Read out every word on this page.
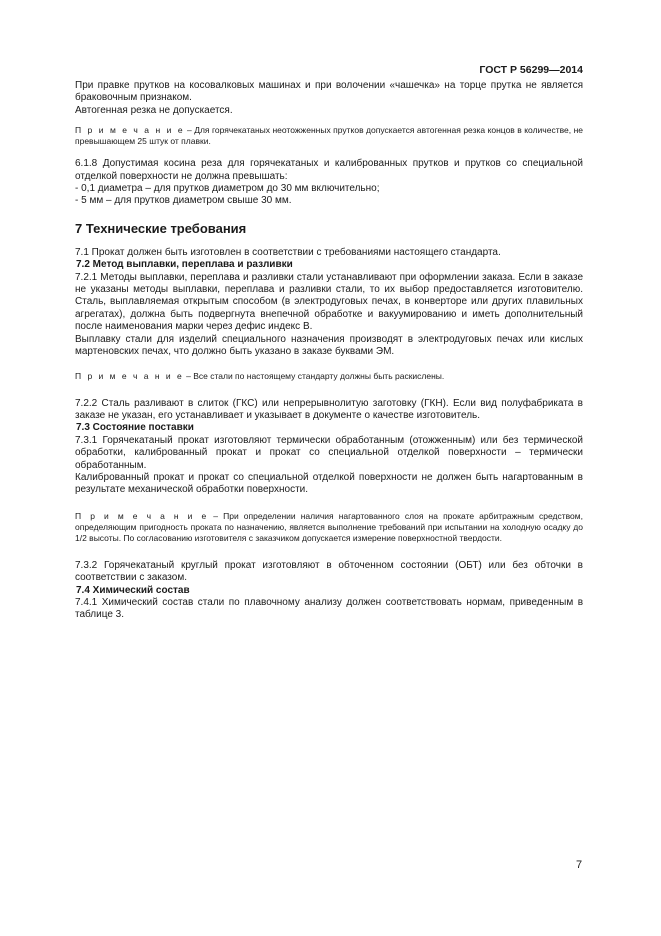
ГОСТ Р 56299—2014

При правке прутков на косовалковых машинах и при волочении «чашечка» на торце прутка не является браковочным признаком.

Автогенная резка не допускается.

П р и м е ч а н и е – Для горячекатаных неотожженных прутков допускается автогенная резка концов в количестве, не превышающем 25 штук от плавки.

6.1.8 Допустимая косина реза для горячекатаных и калиброванных прутков и прутков со специальной отделкой поверхности не должна превышать:

- 0,1 диаметра – для прутков диаметром до 30 мм включительно;

- 5 мм – для прутков диаметром свыше 30 мм.

7 Технические требования

7.1 Прокат должен быть изготовлен в соответствии с требованиями настоящего стандарта.

7.2 Метод выплавки, переплава и разливки

7.2.1 Методы выплавки, переплава и разливки стали устанавливают при оформлении заказа. Если в заказе не указаны методы выплавки, переплава и разливки стали, то их выбор предоставляется изготовителю. Сталь, выплавляемая открытым способом (в электродуговых печах, в конверторе или других плавильных агрегатах), должна быть подвергнута внепечной обработке и вакуумированию и иметь дополнительный после наименования марки через дефис индекс В.

Выплавку стали для изделий специального назначения производят в электродуговых печах или кислых мартеновских печах, что должно быть указано в заказе буквами ЭМ.

П р и м е ч а н и е – Все стали по настоящему стандарту должны быть раскислены.

7.2.2 Сталь разливают в слиток (ГКС) или непрерывнолитую заготовку (ГКН). Если вид полуфабриката в заказе не указан, его устанавливает и указывает в документе о качестве изготовитель.

7.3 Состояние поставки

7.3.1 Горячекатаный прокат изготовляют термически обработанным (отожженным) или без термической обработки, калиброванный прокат и прокат со специальной отделкой поверхности – термически обработанным.

Калиброванный прокат и прокат со специальной отделкой поверхности не должен быть нагартованным в результате механической обработки поверхности.

П р и м е ч а н и е – При определении наличия нагартованного слоя на прокате арбитражным средством, определяющим пригодность проката по назначению, является выполнение требований при испытании на холодную осадку до 1/2 высоты. По согласованию изготовителя с заказчиком допускается измерение поверхностной твердости.

7.3.2 Горячекатаный круглый прокат изготовляют в обточенном состоянии (ОБТ) или без обточки в соответствии с заказом.

7.4 Химический состав

7.4.1 Химический состав стали по плавочному анализу должен соответствовать нормам, приведенным в таблице 3.

7
